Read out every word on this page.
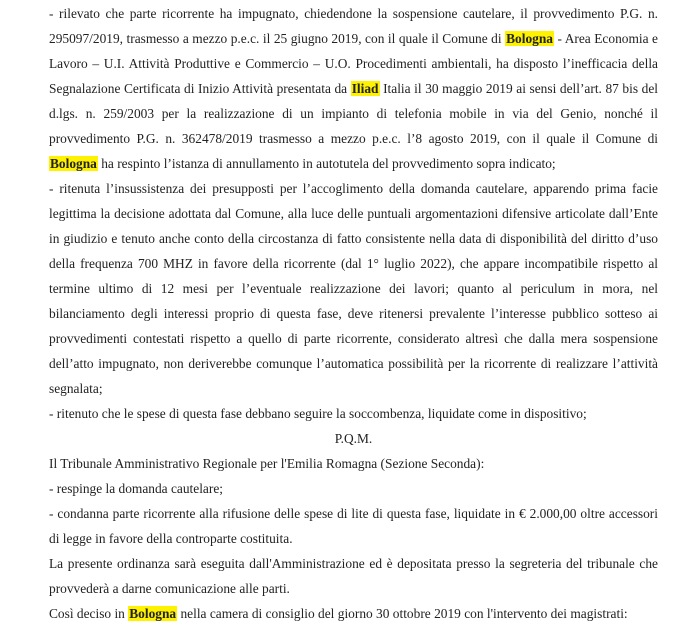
- rilevato che parte ricorrente ha impugnato, chiedendone la sospensione cautelare, il provvedimento P.G. n. 295097/2019, trasmesso a mezzo p.e.c. il 25 giugno 2019, con il quale il Comune di Bologna - Area Economia e Lavoro – U.I. Attività Produttive e Commercio – U.O. Procedimenti ambientali, ha disposto l’inefficacia della Segnalazione Certificata di Inizio Attività presentata da Iliad Italia il 30 maggio 2019 ai sensi dell’art. 87 bis del d.lgs. n. 259/2003 per la realizzazione di un impianto di telefonia mobile in via del Genio, nonché il provvedimento P.G. n. 362478/2019 trasmesso a mezzo p.e.c. l’8 agosto 2019, con il quale il Comune di Bologna ha respinto l’istanza di annullamento in autotutela del provvedimento sopra indicato;

- ritenuta l’insussistenza dei presupposti per l’accoglimento della domanda cautelare, apparendo prima facie legittima la decisione adottata dal Comune, alla luce delle puntuali argomentazioni difensive articolate dall’Ente in giudizio e tenuto anche conto della circostanza di fatto consistente nella data di disponibilità del diritto d’uso della frequenza 700 MHZ in favore della ricorrente (dal 1° luglio 2022), che appare incompatibile rispetto al termine ultimo di 12 mesi per l’eventuale realizzazione dei lavori; quanto al periculum in mora, nel bilanciamento degli interessi proprio di questa fase, deve ritenersi prevalente l’interesse pubblico sotteso ai provvedimenti contestati rispetto a quello di parte ricorrente, considerato altresì che dalla mera sospensione dell’atto impugnato, non deriverebbe comunque l’automatica possibilità per la ricorrente di realizzare l’attività segnalata;

- ritenuto che le spese di questa fase debbano seguire la soccombenza, liquidate come in dispositivo;

P.Q.M.

Il Tribunale Amministrativo Regionale per l'Emilia Romagna (Sezione Seconda):

- respinge la domanda cautelare;

- condanna parte ricorrente alla rifusione delle spese di lite di questa fase, liquidate in € 2.000,00 oltre accessori di legge in favore della controparte costituita.

La presente ordinanza sarà eseguita dall'Amministrazione ed è depositata presso la segreteria del tribunale che provvederà a darne comunicazione alle parti.

Così deciso in Bologna nella camera di consiglio del giorno 30 ottobre 2019 con l'intervento dei magistrati:
